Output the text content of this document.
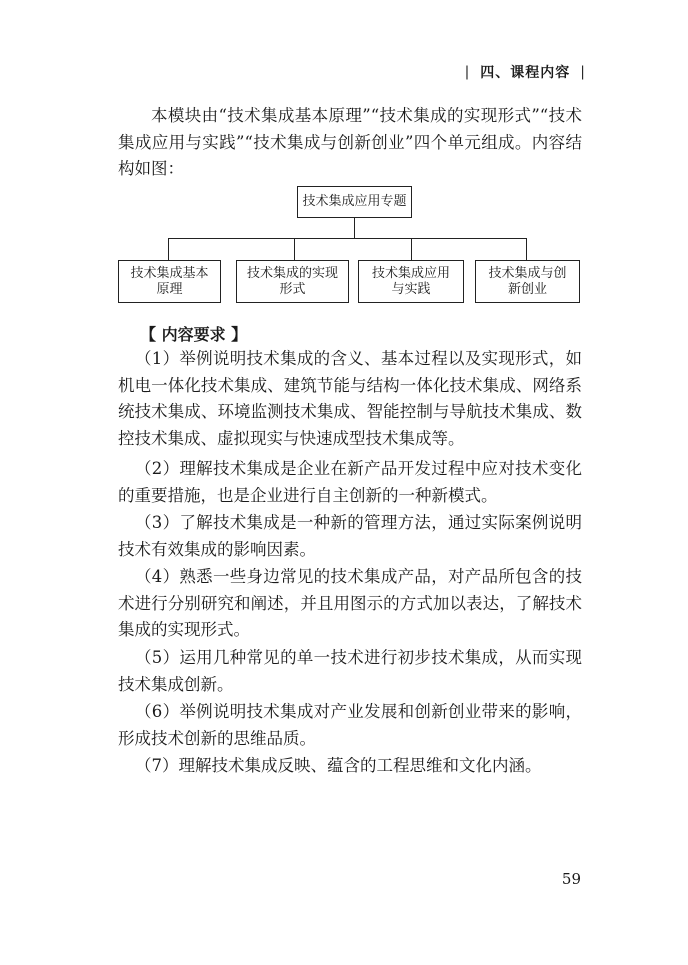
| 四、课程内容 |

本模块由“技术集成基本原理”“技术集成的实现形式”“技术集成应用与实践”“技术集成与创新创业”四个单元组成。内容结构如图：

技术集成应用专题
技术集成基本原理
技术集成的实现形式
技术集成应用与实践
技术集成与创新创业
【 内容要求 】

（1）举例说明技术集成的含义、基本过程以及实现形式，如机电一体化技术集成、建筑节能与结构一体化技术集成、网络系统技术集成、环境监测技术集成、智能控制与导航技术集成、数控技术集成、虚拟现实与快速成型技术集成等。

（2）理解技术集成是企业在新产品开发过程中应对技术变化的重要措施，也是企业进行自主创新的一种新模式。

（3）了解技术集成是一种新的管理方法，通过实际案例说明技术有效集成的影响因素。

（4）熟悉一些身边常见的技术集成产品，对产品所包含的技术进行分别研究和阐述，并且用图示的方式加以表达，了解技术集成的实现形式。

（5）运用几种常见的单一技术进行初步技术集成，从而实现技术集成创新。

（6）举例说明技术集成对产业发展和创新创业带来的影响，形成技术创新的思维品质。

（7）理解技术集成反映、蕴含的工程思维和文化内涵。

59
